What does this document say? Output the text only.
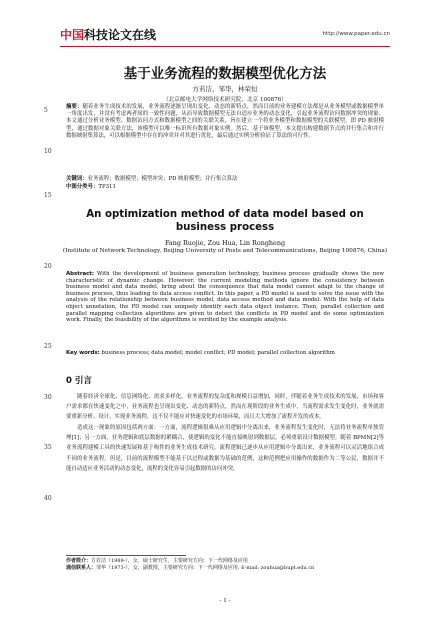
中国科技论文在线	http://www.paper.edu.cn
5
10
15
20
25
30
35
40
基于业务流程的数据模型优化方法
方若洁，邹华，林荣恒
（北京邮电大学网络技术研究院，北京 100876）
摘要：随着业务生成技术的发展，业务流程逐渐呈现出变化、动态的新特点，然而目前的业务建模方法都是从业务模型或数据模型单一角度出发，并没有考虑两者间的一致性问题，从而导致数据模型无法自适应业务的动态变化，引起业务流程访问数据冲突的现象。本文通过分析业务模型、数据访问方式和数据模型之间的关联关系，旨在建立一个将业务模型和数据模型的关联模型，即 PD 映射模型，通过数据对象关联方法，该模型可以唯一标识所有数据对象实例。然后，基于该模型，本文提出构建数据节点的并行集合和并行数据映射集算法，可以根据模型中存在的冲突并对其进行优化，最后通过实例分析验证了算法的可行性。
关键词：业务流程；数据模型；模型冲突；PD 映射模型；并行集合算法
中图分类号：TP311
An optimization method of data model based on business process
Fang Ruojie, Zou Hua, Lin Rongheng
(Institute of Network Technology, Beijing University of Posts and Telecommunications, Beijing 100876, China)
Abstract: With the development of business generation technology, business process gradually shows the new characteristic of dynamic change. However, the current modeling methods ignore the consistency between business model and data model, bring about the consequence that data model cannot adapt to the change of business process, thus leading to data access conflict. In this paper, a PD model is used to solve the issue with the analysis of the relationship between business model, data access method and data model. With the help of data object annotation, the PD model can uniquely identify each data object instance. Then, parallel collection and parallel mapping collection algorithms are given to detect the conflicts in PD model and do some optimization work. Finally, the feasibility of the algorithms is verified by the example analysis.
Key words: business process; data model; model conflict; PD model; parallel collection algorithm
0 引言

随着经济全球化、信息网络化，需求多样化，业务流程的复杂度和规模日益增加，同时，伴随着业务生成技术的发展，市场和客户需求都在快速变化之中，业务流程也呈现出变化、动态的新特点。然而在现阶段的业务生成中，当流程需求发生变化时，业务就需要重新分析、设计，实现业务流程，这不仅不能应对快速变化的市场环境，而且大大增加了流程开发的成本。

造成这一现象的原因包括两方面：一方面，流程逻辑很难从应用逻辑中分离出来，业务流程发生变化时，无法将业务流程单独管理[1]；另一方面，业务逻辑和底层数据的紧耦合，使逻辑的变化不能直接映射到数据层，必须重新设计数据模型。随着 BPMN[2]等业务流程建模工具的快速发展和基于构件的业务生成技术研究，流程逻辑已逐步从应用逻辑中分离出来，业务流程可以灵活地组合成不同的业务流程。但是，目前的流程模型不能基于以过程或数据为基础的范例，这种范例把应用操作的数据作为二等公民，数据并不能自动适应业务活动的动态变化，流程的变化容易引起数据的访问冲突。

作者简介：方若洁（1989-），女，硕士研究生，主要研究方向：下一代网络及应用
通信联系人：邹华（1973-），女，副教授，主要研究方向：下一代网络及应用. E-mail: zouhua@bupt.edu.cn
- 1 -
